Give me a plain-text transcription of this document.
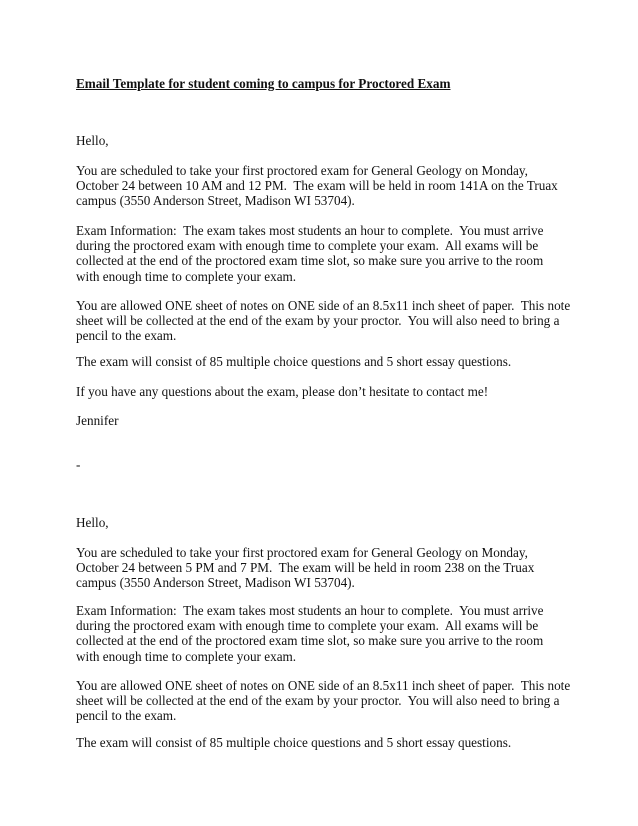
Email Template for student coming to campus for Proctored Exam
Hello,
You are scheduled to take your first proctored exam for General Geology on Monday,
October 24 between 10 AM and 12 PM.  The exam will be held in room 141A on the Truax
campus (3550 Anderson Street, Madison WI 53704).
Exam Information:  The exam takes most students an hour to complete.  You must arrive
during the proctored exam with enough time to complete your exam.  All exams will be
collected at the end of the proctored exam time slot, so make sure you arrive to the room
with enough time to complete your exam.
You are allowed ONE sheet of notes on ONE side of an 8.5x11 inch sheet of paper.  This note
sheet will be collected at the end of the exam by your proctor.  You will also need to bring a
pencil to the exam.
The exam will consist of 85 multiple choice questions and 5 short essay questions.
If you have any questions about the exam, please don’t hesitate to contact me!
Jennifer
-
Hello,
You are scheduled to take your first proctored exam for General Geology on Monday,
October 24 between 5 PM and 7 PM.  The exam will be held in room 238 on the Truax
campus (3550 Anderson Street, Madison WI 53704).
Exam Information:  The exam takes most students an hour to complete.  You must arrive
during the proctored exam with enough time to complete your exam.  All exams will be
collected at the end of the proctored exam time slot, so make sure you arrive to the room
with enough time to complete your exam.
You are allowed ONE sheet of notes on ONE side of an 8.5x11 inch sheet of paper.  This note
sheet will be collected at the end of the exam by your proctor.  You will also need to bring a
pencil to the exam.
The exam will consist of 85 multiple choice questions and 5 short essay questions.
